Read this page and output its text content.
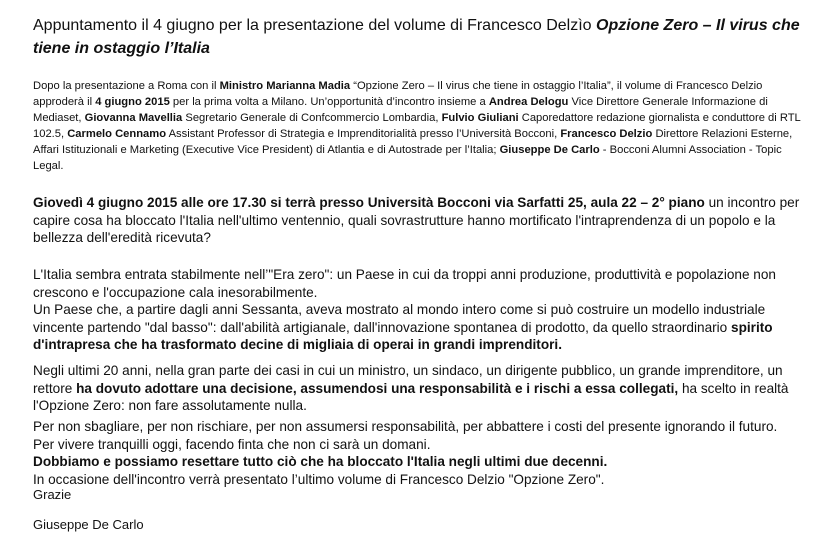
Appuntamento il 4 giugno per la presentazione del volume di Francesco Delzìo Opzione Zero – Il virus che tiene in ostaggio l’Italia
Dopo la presentazione a Roma con il Ministro Marianna Madia “Opzione Zero – Il virus che tiene in ostaggio l’Italia”, il volume di Francesco Delzio approderà il 4 giugno 2015 per la prima volta a Milano. Un’opportunità d’incontro insieme a Andrea Delogu Vice Direttore Generale Informazione di Mediaset, Giovanna Mavellia Segretario Generale di Confcommercio Lombardia, Fulvio Giuliani Caporedattore redazione giornalista e conduttore di RTL 102.5, Carmelo Cennamo Assistant Professor di Strategia e Imprenditorialità presso l’Università Bocconi, Francesco Delzio Direttore Relazioni Esterne, Affari Istituzionali e Marketing (Executive Vice President) di Atlantia e di Autostrade per l’Italia; Giuseppe De Carlo - Bocconi Alumni Association - Topic Legal.
Giovedì 4 giugno 2015 alle ore 17.30 si terrà presso Università Bocconi via Sarfatti 25, aula 22 – 2° piano un incontro per capire cosa ha bloccato l'Italia nell'ultimo ventennio, quali sovrastrutture hanno mortificato l'intraprendenza di un popolo e la bellezza dell'eredità ricevuta?
L'Italia sembra entrata stabilmente nell’"Era zero": un Paese in cui da troppi anni produzione, produttività e popolazione non crescono e l'occupazione cala inesorabilmente.
Un Paese che, a partire dagli anni Sessanta, aveva mostrato al mondo intero come si può costruire un modello industriale vincente partendo "dal basso": dall'abilità artigianale, dall'innovazione spontanea di prodotto, da quello straordinario spirito d'intrapresa che ha trasformato decine di migliaia di operai in grandi imprenditori.
Negli ultimi 20 anni, nella gran parte dei casi in cui un ministro, un sindaco, un dirigente pubblico, un grande imprenditore, un rettore ha dovuto adottare una decisione, assumendosi una responsabilità e i rischi a essa collegati, ha scelto in realtà l'Opzione Zero: non fare assolutamente nulla.
Per non sbagliare, per non rischiare, per non assumersi responsabilità, per abbattere i costi del presente ignorando il futuro.
Per vivere tranquilli oggi, facendo finta che non ci sarà un domani.
Dobbiamo e possiamo resettare tutto ciò che ha bloccato l'Italia negli ultimi due decenni.
In occasione dell'incontro verrà presentato l’ultimo volume di Francesco Delzio "Opzione Zero".
Grazie
Giuseppe De Carlo
